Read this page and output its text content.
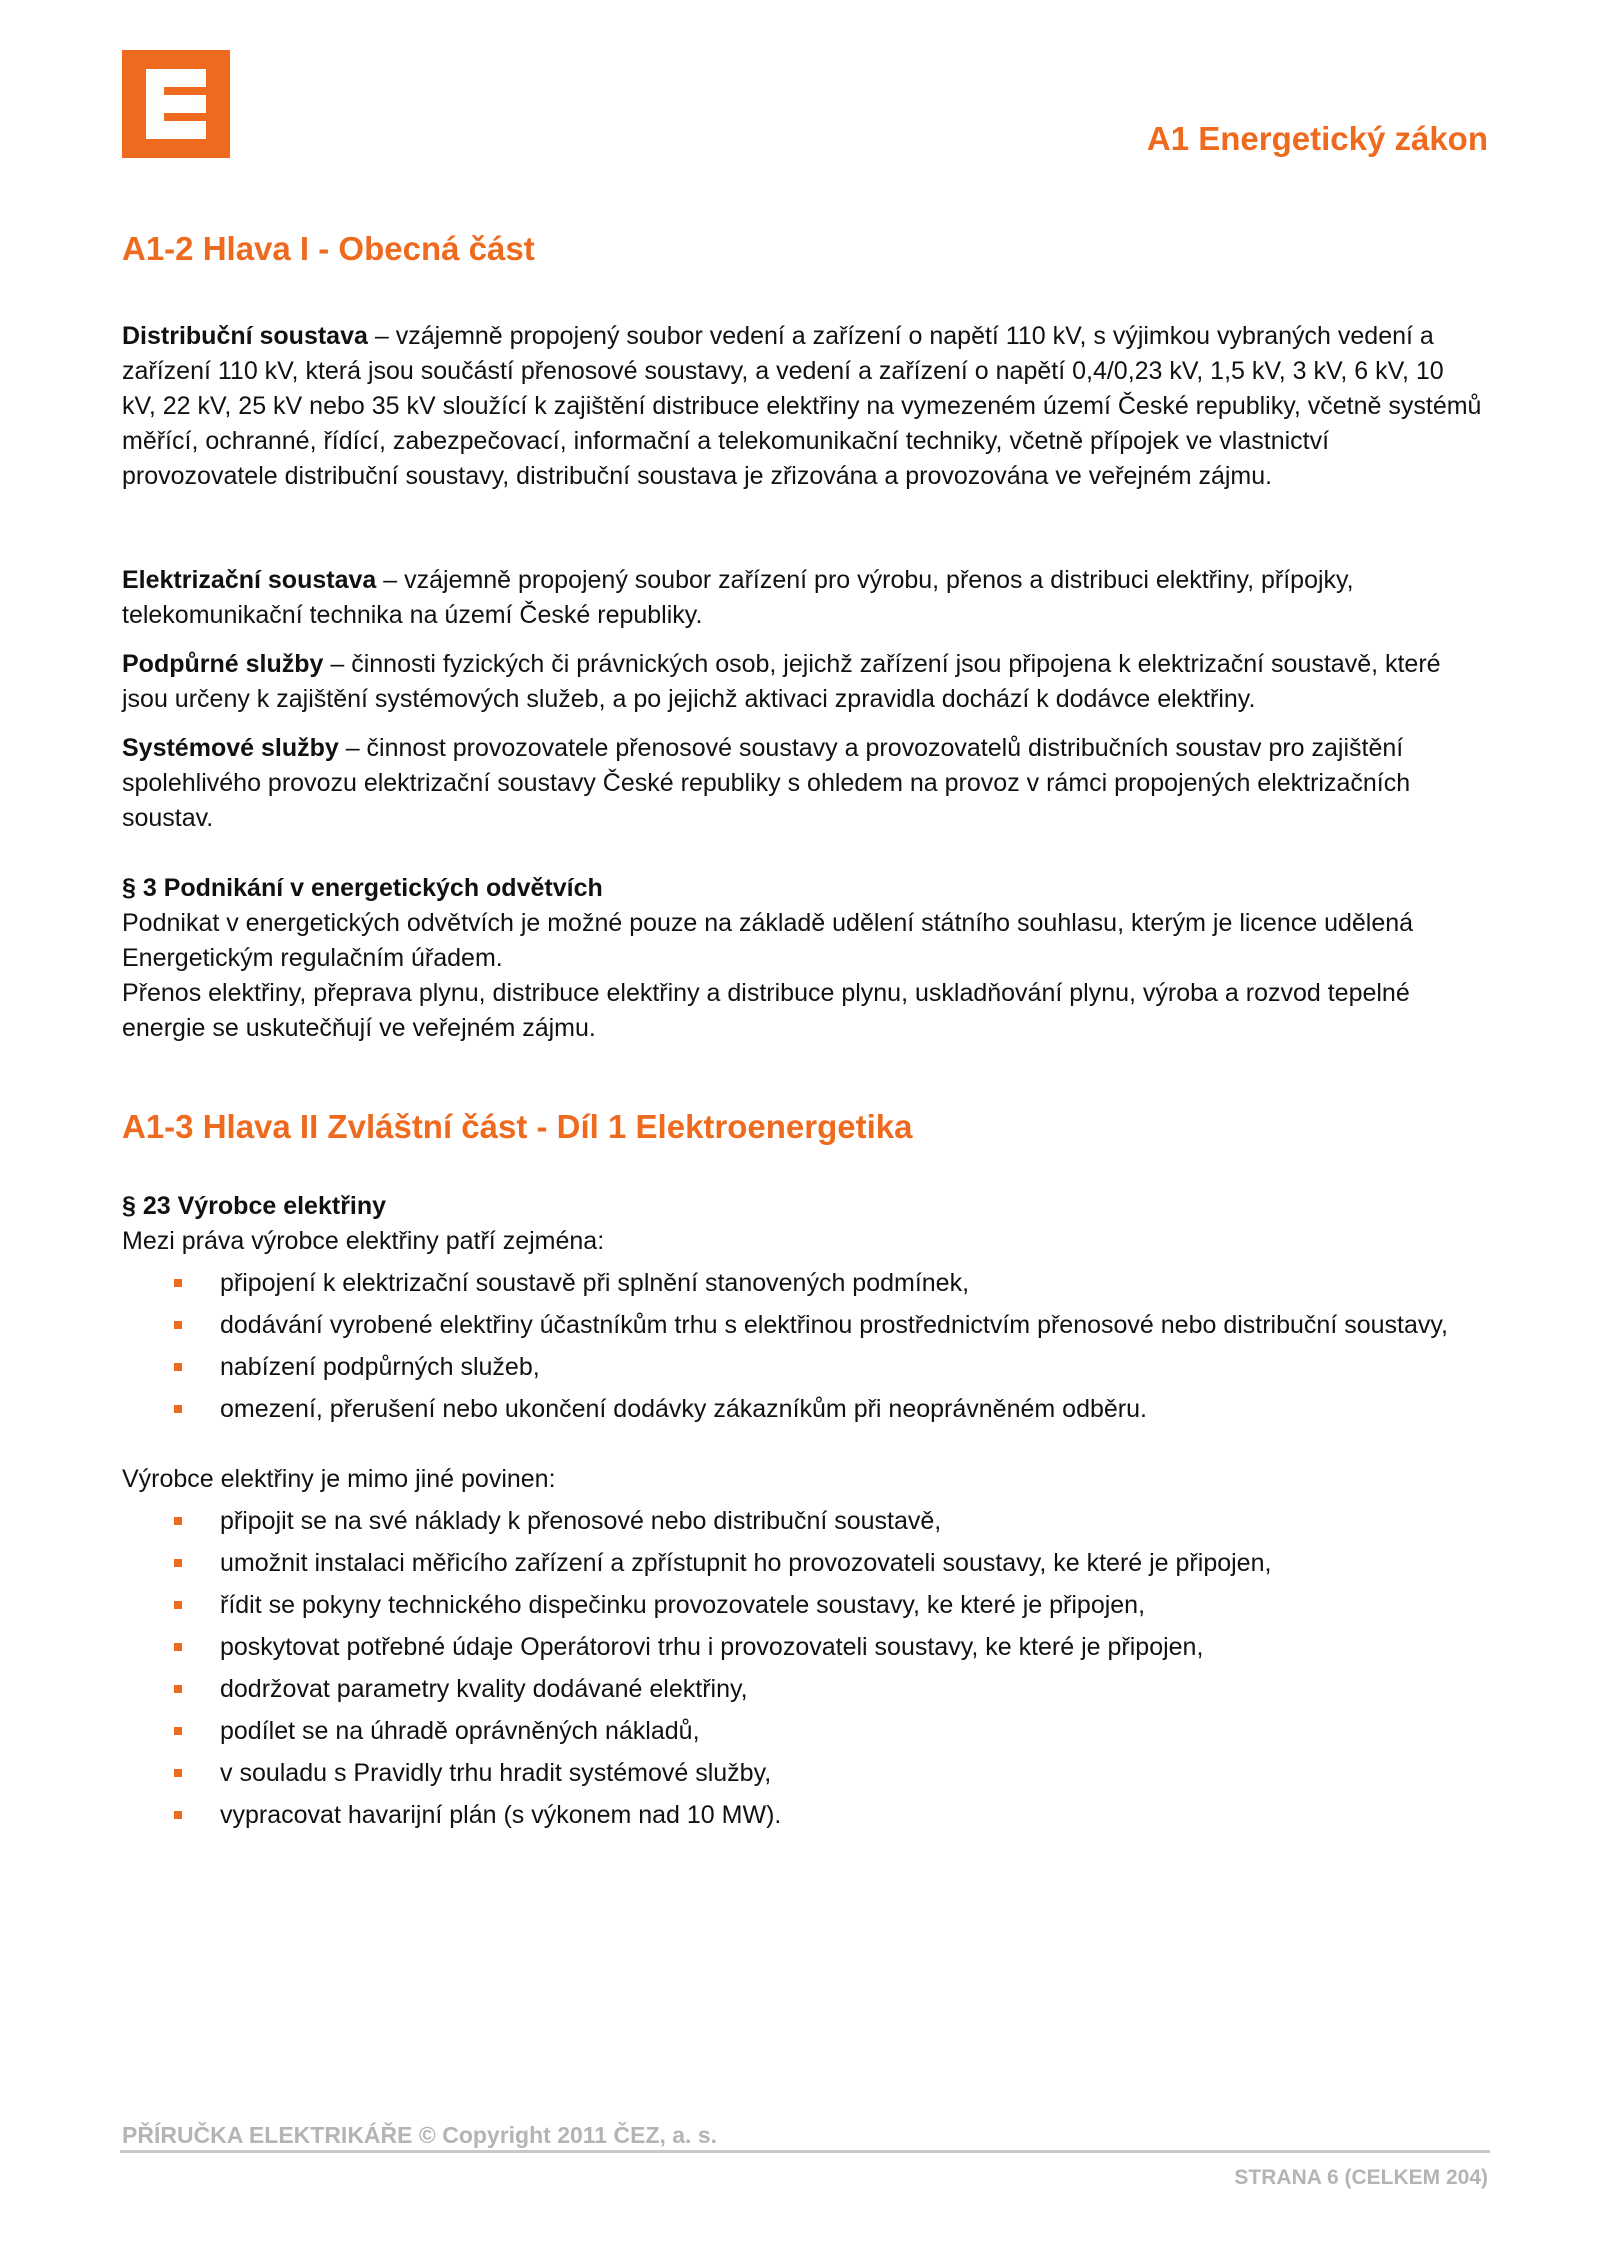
A1 Energetický zákon
A1-2 Hlava I - Obecná část

Distribuční soustava – vzájemně propojený soubor vedení a zařízení o napětí 110 kV, s výjimkou vybraných vedení a zařízení 110 kV, která jsou součástí přenosové soustavy, a vedení a zařízení o napětí 0,4/0,23 kV, 1,5 kV, 3 kV, 6 kV, 10 kV, 22 kV, 25 kV nebo 35 kV sloužící k zajištění distribuce elektřiny na vymezeném území České republiky, včetně systémů měřící, ochranné, řídící, zabezpečovací, informační a telekomunikační techniky, včetně přípojek ve vlastnictví provozovatele distribuční soustavy, distribuční soustava je zřizována a provozována ve veřejném zájmu.

Elektrizační soustava – vzájemně propojený soubor zařízení pro výrobu, přenos a distribuci elektřiny, přípojky, telekomunikační technika na území České republiky.

Podpůrné služby – činnosti fyzických či právnických osob, jejichž zařízení jsou připojena k elektrizační soustavě, které jsou určeny k zajištění systémových služeb, a po jejichž aktivaci zpravidla dochází k dodávce elektřiny.

Systémové služby – činnost provozovatele přenosové soustavy a provozovatelů distribučních soustav pro zajištění spolehlivého provozu elektrizační soustavy České republiky s ohledem na provoz v rámci propojených elektrizačních soustav.

§ 3 Podnikání v energetických odvětvích

Podnikat v energetických odvětvích je možné pouze na základě udělení státního souhlasu, kterým je licence udělená Energetickým regulačním úřadem.

Přenos elektřiny, přeprava plynu, distribuce elektřiny a distribuce plynu, uskladňování plynu, výroba a rozvod tepelné energie se uskutečňují ve veřejném zájmu.

A1-3 Hlava II Zvláštní část - Díl 1 Elektroenergetika

§ 23 Výrobce elektřiny

Mezi práva výrobce elektřiny patří zejména:

připojení k elektrizační soustavě při splnění stanovených podmínek,
dodávání vyrobené elektřiny účastníkům trhu s elektřinou prostřednictvím přenosové nebo distribuční soustavy,
nabízení podpůrných služeb,
omezení, přerušení nebo ukončení dodávky zákazníkům při neoprávněném odběru.

Výrobce elektřiny je mimo jiné povinen:

připojit se na své náklady k přenosové nebo distribuční soustavě,
umožnit instalaci měřicího zařízení a zpřístupnit ho provozovateli soustavy, ke které je připojen,
řídit se pokyny technického dispečinku provozovatele soustavy, ke které je připojen,
poskytovat potřebné údaje Operátorovi trhu i provozovateli soustavy, ke které je připojen,
dodržovat parametry kvality dodávané elektřiny,
podílet se na úhradě oprávněných nákladů,
v souladu s Pravidly trhu hradit systémové služby,
vypracovat havarijní plán (s výkonem nad 10 MW).
PŘÍRUČKA ELEKTRIKÁŘE © Copyright 2011 ČEZ, a. s.
STRANA 6 (CELKEM 204)
